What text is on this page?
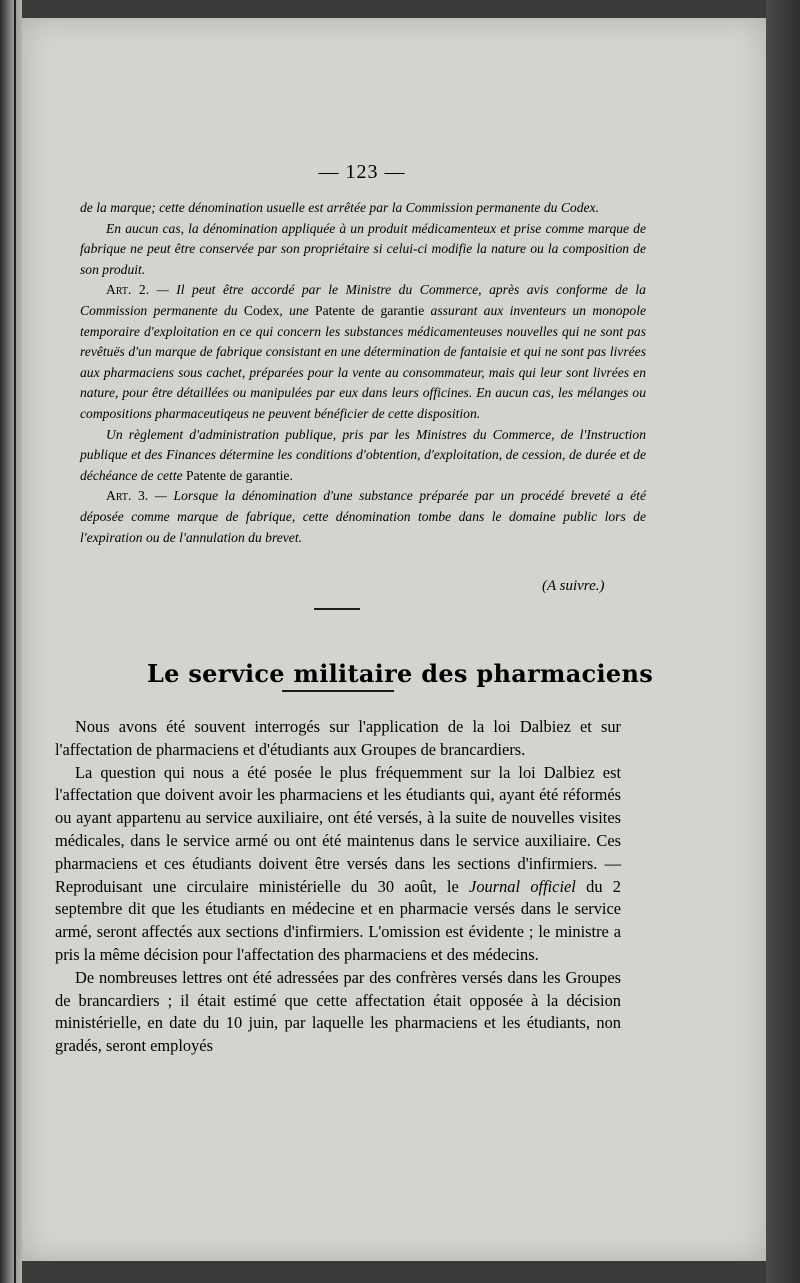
— 123 —

de la marque; cette dénomination usuelle est arrêtée par la Commission permanente du Codex.

En aucun cas, la dénomination appliquée à un produit médicamenteux et prise comme marque de fabrique ne peut être conservée par son propriétaire si celui-ci modifie la nature ou la composition de son produit.

Art. 2. — Il peut être accordé par le Ministre du Commerce, après avis conforme de la Commission permanente du Codex, une Patente de garantie assurant aux inventeurs un monopole temporaire d'exploitation en ce qui concern les substances médicamenteuses nouvelles qui ne sont pas revêtuës d'un marque de fabrique consistant en une détermination de fantaisie et qui ne sont pas livrées aux pharmaciens sous cachet, préparées pour la vente au consommateur, mais qui leur sont livrées en nature, pour être détaillées ou manipulées par eux dans leurs officines. En aucun cas, les mélanges ou compositions pharmaceutiqeus ne peuvent bénéficier de cette disposition.

Un règlement d'administration publique, pris par les Ministres du Commerce, de l'Instruction publique et des Finances détermine les conditions d'obtention, d'exploitation, de cession, de durée et de déchéance de cette Patente de garantie.

Art. 3. — Lorsque la dénomination d'une substance préparée par un procédé breveté a été déposée comme marque de fabrique, cette dénomination tombe dans le domaine public lors de l'expiration ou de l'annulation du brevet.

(A suivre.)
Le service militaire des pharmaciens

Nous avons été souvent interrogés sur l'application de la loi Dalbiez et sur l'affectation de pharmaciens et d'étudiants aux Groupes de brancardiers.

La question qui nous a été posée le plus fréquemment sur la loi Dalbiez est l'affectation que doivent avoir les pharmaciens et les étudiants qui, ayant été réformés ou ayant appartenu au service auxiliaire, ont été versés, à la suite de nouvelles visites médicales, dans le service armé ou ont été maintenus dans le service auxiliaire. Ces pharmaciens et ces étudiants doivent être versés dans les sections d'infirmiers. — Reproduisant une circulaire ministérielle du 30 août, le Journal officiel du 2 septembre dit que les étudiants en médecine et en pharmacie versés dans le service armé, seront affectés aux sections d'infirmiers. L'omission est évidente ; le ministre a pris la même décision pour l'affectation des pharmaciens et des médecins.

De nombreuses lettres ont été adressées par des confrères versés dans les Groupes de brancardiers ; il était estimé que cette affectation était opposée à la décision ministérielle, en date du 10 juin, par laquelle les pharmaciens et les étudiants, non gradés, seront employés
